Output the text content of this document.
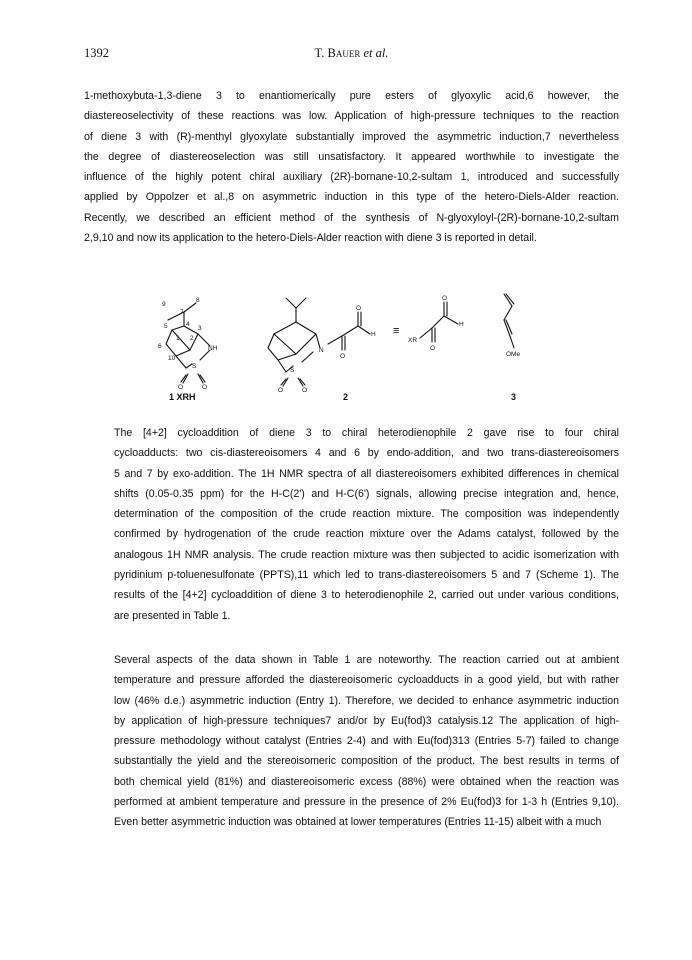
1392	T. Bauer et al.
1-methoxybuta-1,3-diene 3 to enantiomerically pure esters of glyoxylic acid,6 however, the
diastereoselectivity of these reactions was low. Application of high-pressure techniques to the reaction
of diene 3 with (R)-menthyl glyoxylate substantially improved the asymmetric induction,7 nevertheless
the degree of diastereoselection was still unsatisfactory. It appeared worthwhile to investigate the
influence of the highly potent chiral auxiliary (2R)-bornane-10,2-sultam 1, introduced and successfully
applied by Oppolzer et al.,8 on asymmetric induction in this type of the hetero-Diels-Alder reaction.
Recently, we described an efficient method of the synthesis of N-glyoxyloyl-(2R)-bornane-10,2-sultam
2,9,10 and now its application to the hetero-Diels-Alder reaction with diene 3 is reported in detail.
9
8
7
4
3
5
1 2
6
10
S
NH
O	O
S
O	O
N
O
O
H ≡
XR
O
O
H
OMe
1 XRH	2	3
The [4+2] cycloaddition of diene 3 to chiral heterodienophile 2 gave rise to four chiral
cycloadducts: two cis-diastereoisomers 4 and 6 by endo-addition, and two trans-diastereoisomers
5 and 7 by exo-addition. The 1H NMR spectra of all diastereoisomers exhibited differences in chemical
shifts (0.05-0.35 ppm) for the H-C(2') and H-C(6') signals, allowing precise integration and, hence,
determination of the composition of the crude reaction mixture. The composition was independently
confirmed by hydrogenation of the crude reaction mixture over the Adams catalyst, followed by the
analogous 1H NMR analysis. The crude reaction mixture was then subjected to acidic isomerization with
pyridinium p-toluenesulfonate (PPTS),11 which led to trans-diastereoisomers 5 and 7 (Scheme 1). The
results of the [4+2] cycloaddition of diene 3 to heterodienophile 2, carried out under various conditions,
are presented in Table 1.
Several aspects of the data shown in Table 1 are noteworthy. The reaction carried out at ambient
temperature and pressure afforded the diastereoisomeric cycloadducts in a good yield, but with rather
low (46% d.e.) asymmetric induction (Entry 1). Therefore, we decided to enhance asymmetric induction
by application of high-pressure techniques7 and/or by Eu(fod)3 catalysis.12 The application of high-
pressure methodology without catalyst (Entries 2-4) and with Eu(fod)313 (Entries 5-7) failed to change
substantially the yield and the stereoisomeric composition of the product. The best results in terms of
both chemical yield (81%) and diastereoisomeric excess (88%) were obtained when the reaction was
performed at ambient temperature and pressure in the presence of 2% Eu(fod)3 for 1-3 h (Entries 9,10).
Even better asymmetric induction was obtained at lower temperatures (Entries 11-15) albeit with a much
